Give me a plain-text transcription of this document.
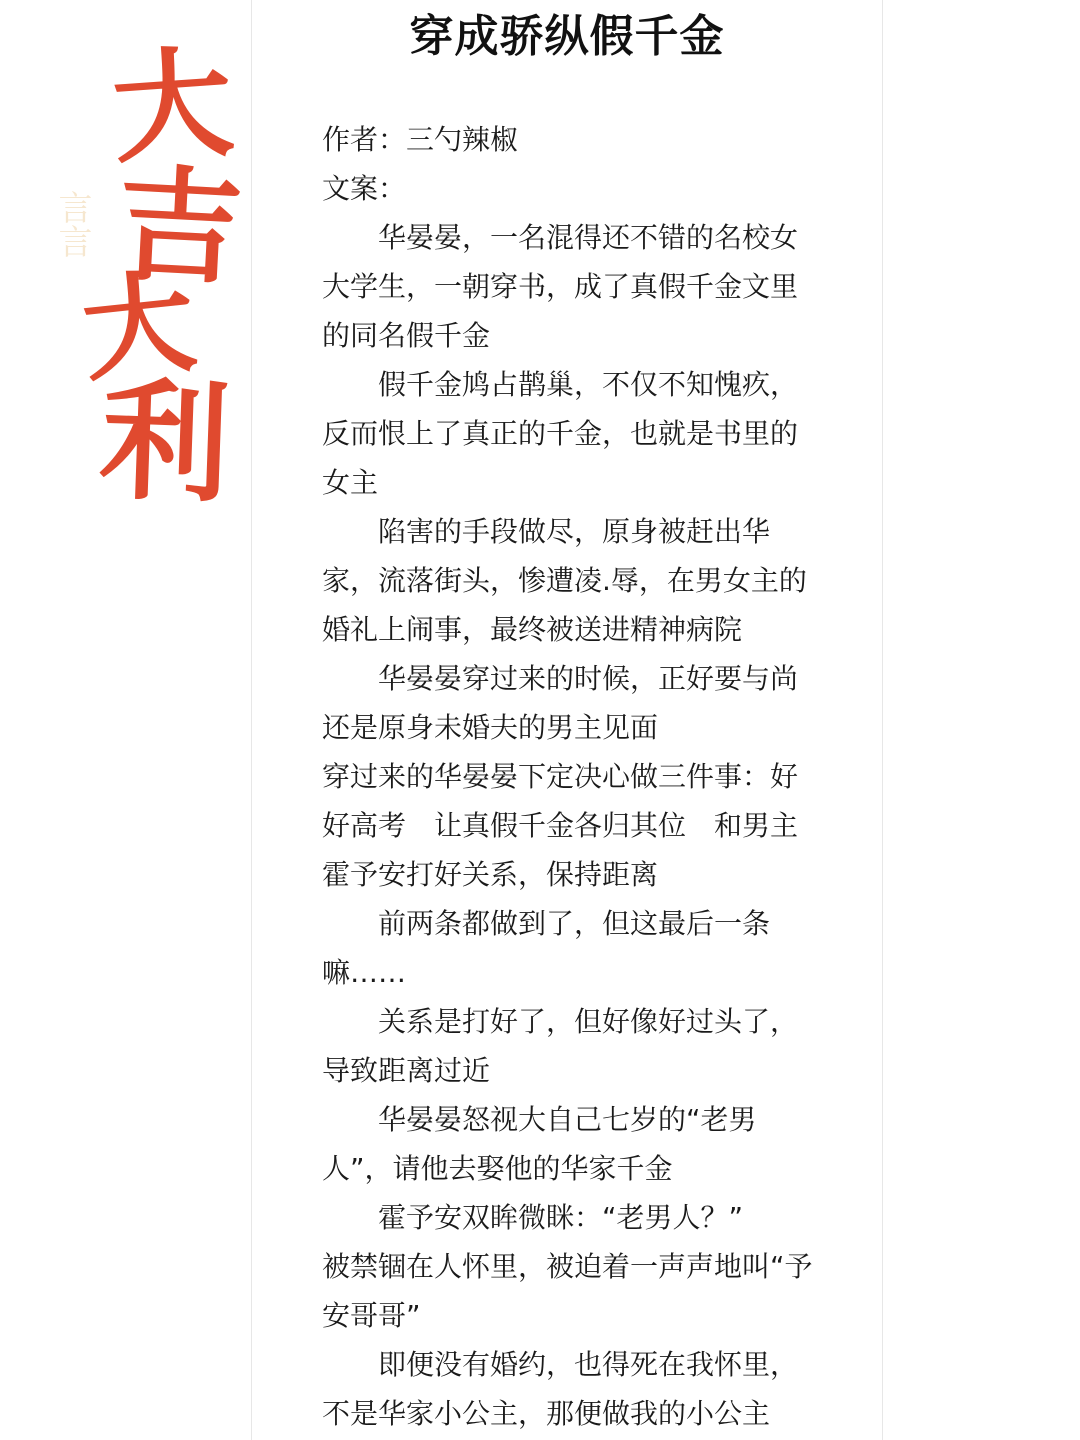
言言
大
吉
大
利
穿成骄纵假千金
作者：三勺辣椒
文案：
华晏晏，一名混得还不错的名校女
大学生，一朝穿书，成了真假千金文里
的同名假千金
假千金鸠占鹊巢，不仅不知愧疚，
反而恨上了真正的千金，也就是书里的
女主
陷害的手段做尽，原身被赶出华
家，流落街头，惨遭凌.辱，在男女主的
婚礼上闹事，最终被送进精神病院
华晏晏穿过来的时候，正好要与尚
还是原身未婚夫的男主见面
穿过来的华晏晏下定决心做三件事：好
好高考　让真假千金各归其位　和男主
霍予安打好关系，保持距离
前两条都做到了，但这最后一条
嘛……
关系是打好了，但好像好过头了，
导致距离过近
华晏晏怒视大自己七岁的“老男
人”，请他去娶他的华家千金
霍予安双眸微眯：“老男人？”
被禁锢在人怀里，被迫着一声声地叫“予
安哥哥”
即便没有婚约，也得死在我怀里，
不是华家小公主，那便做我的小公主
